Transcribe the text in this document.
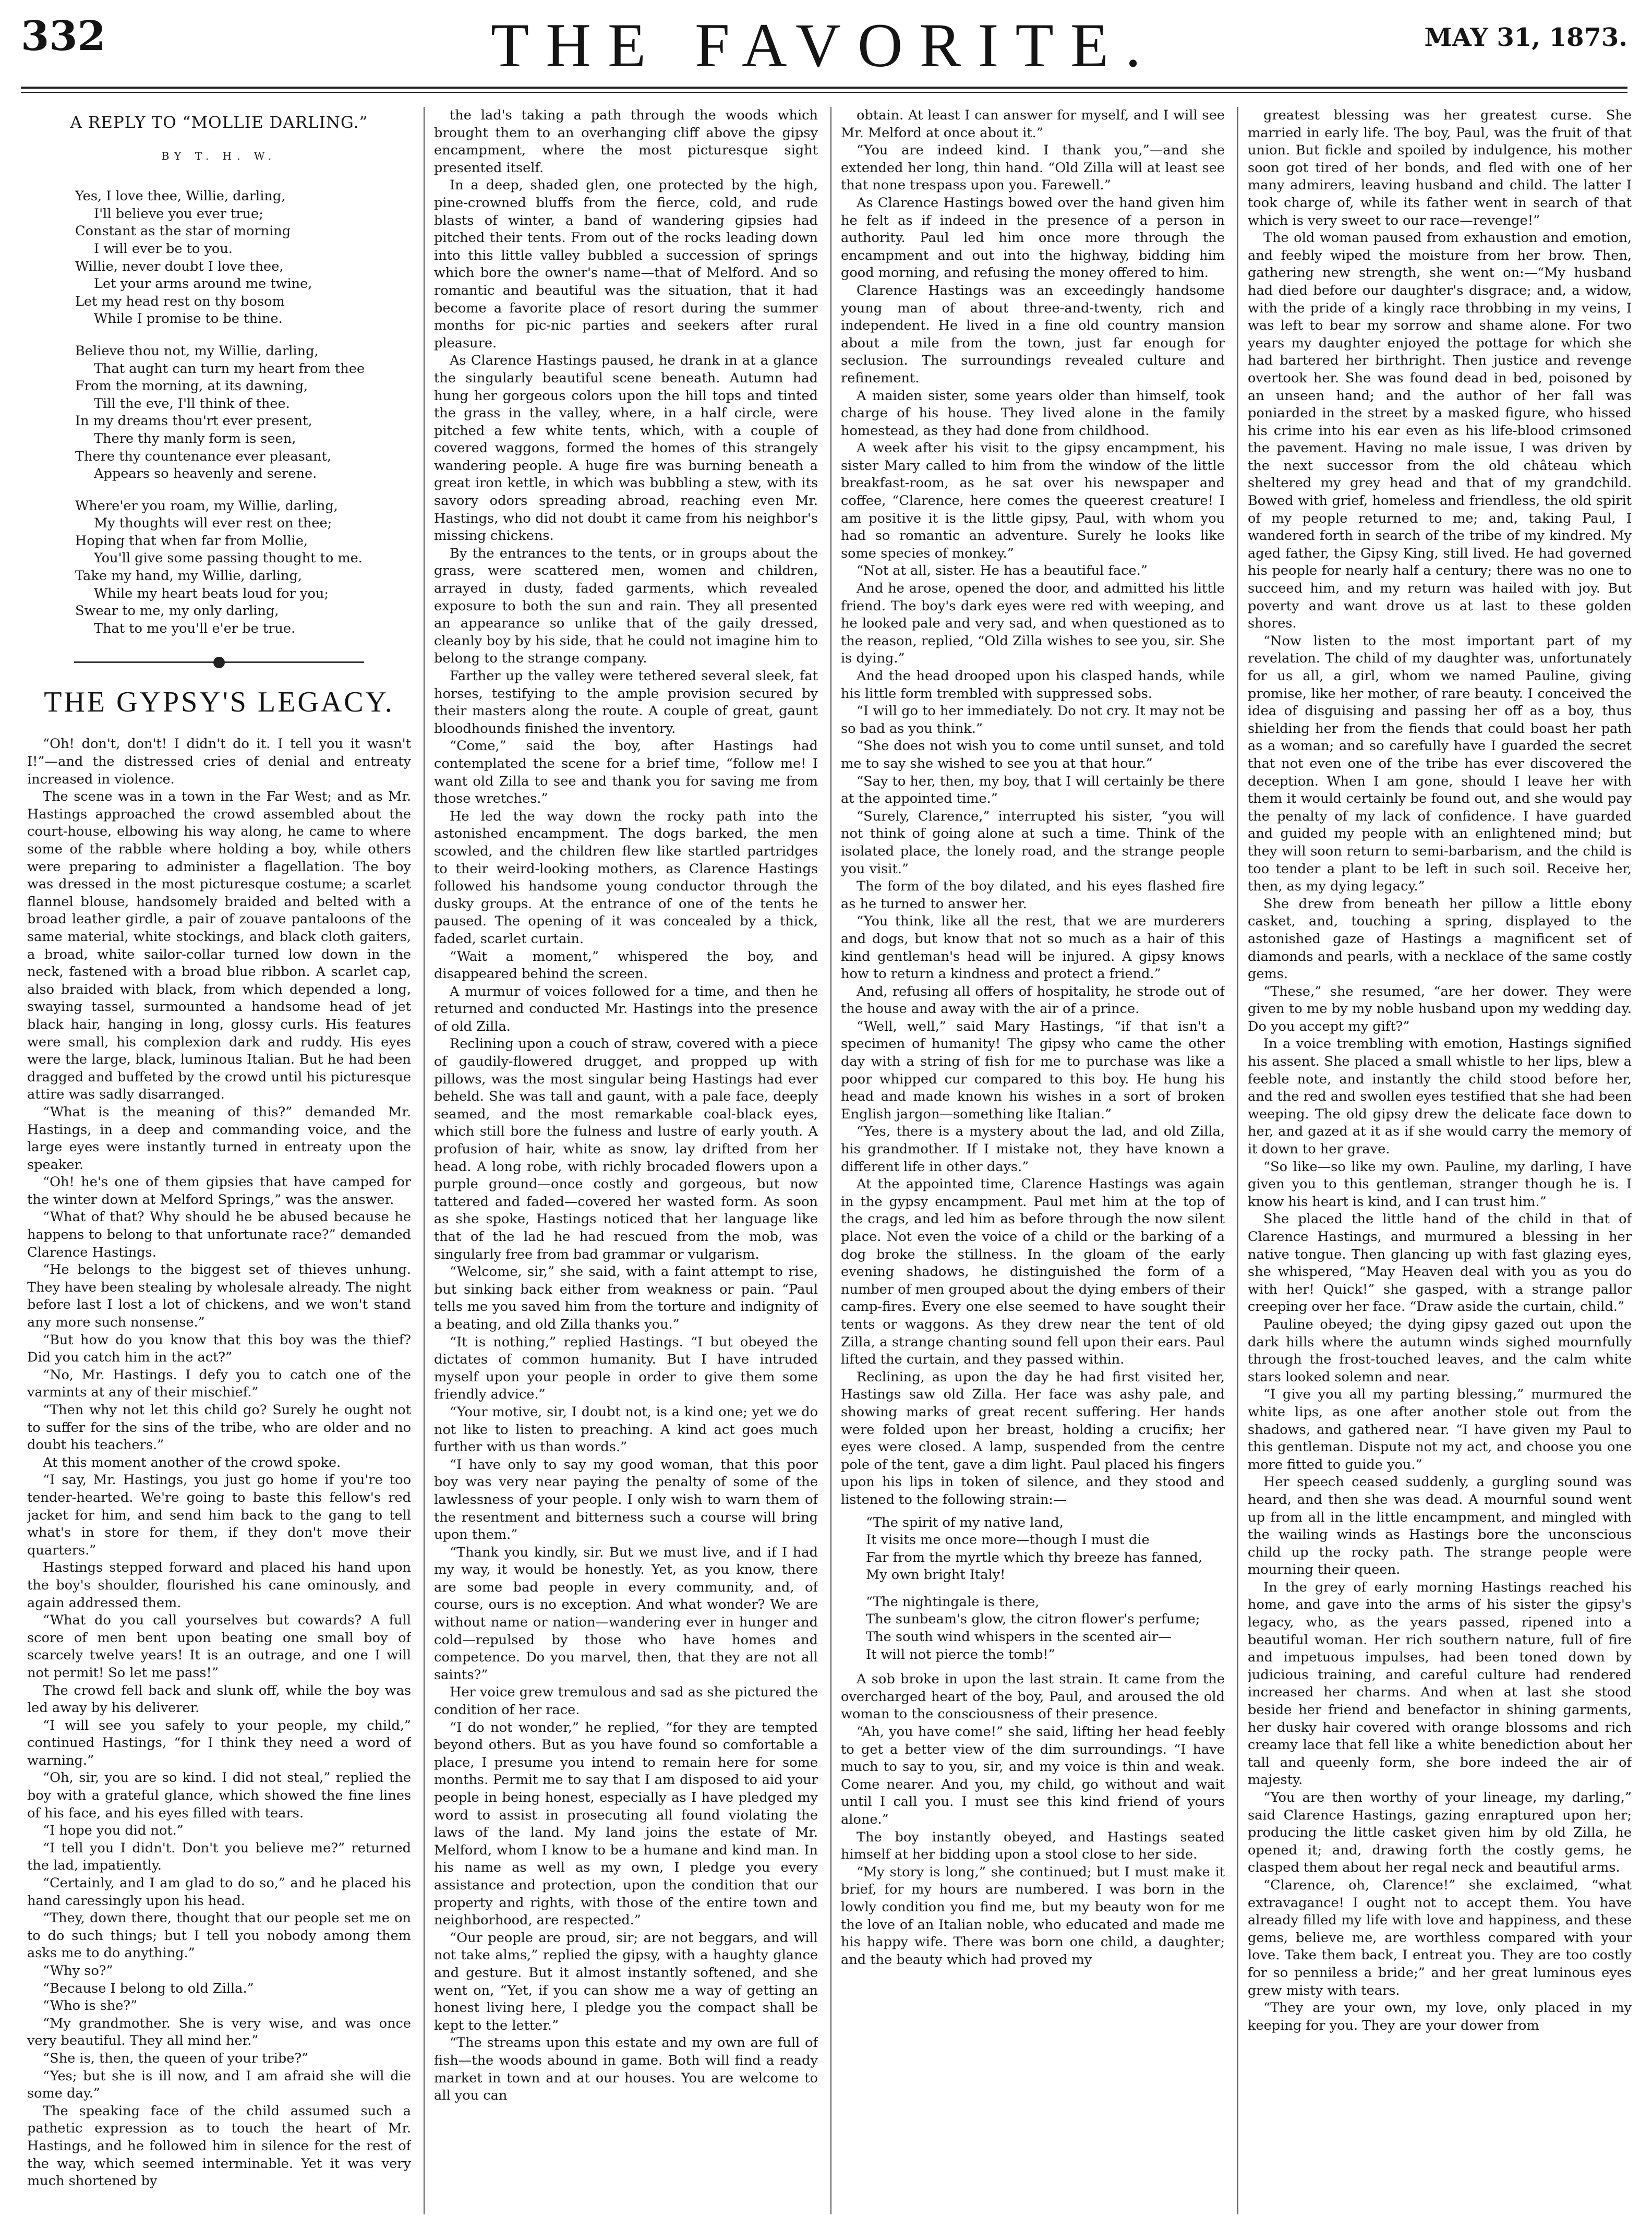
332	THE FAVORITE.	MAY 31, 1873.
A REPLY TO “MOLLIE DARLING.”
BY T. H. W.
Yes, I love thee, Willie, darling,
I'll believe you ever true;
Constant as the star of morning
I will ever be to you.
Willie, never doubt I love thee,
Let your arms around me twine,
Let my head rest on thy bosom
While I promise to be thine.
Believe thou not, my Willie, darling,
That aught can turn my heart from thee
From the morning, at its dawning,
Till the eve, I'll think of thee.
In my dreams thou'rt ever present,
There thy manly form is seen,
There thy countenance ever pleasant,
Appears so heavenly and serene.
Where'er you roam, my Willie, darling,
My thoughts will ever rest on thee;
Hoping that when far from Mollie,
You'll give some passing thought to me.
Take my hand, my Willie, darling,
While my heart beats loud for you;
Swear to me, my only darling,
That to me you'll e'er be true.
THE GYPSY'S LEGACY.

“Oh! don't, don't! I didn't do it. I tell you it wasn't I!”—and the distressed cries of denial and entreaty increased in violence.

The scene was in a town in the Far West; and as Mr. Hastings approached the crowd assembled about the court-house, elbowing his way along, he came to where some of the rabble where holding a boy, while others were preparing to administer a flagellation. The boy was dressed in the most picturesque costume; a scarlet flannel blouse, handsomely braided and belted with a broad leather girdle, a pair of zouave pantaloons of the same material, white stockings, and black cloth gaiters, a broad, white sailor-collar turned low down in the neck, fastened with a broad blue ribbon. A scarlet cap, also braided with black, from which depended a long, swaying tassel, surmounted a handsome head of jet black hair, hanging in long, glossy curls. His features were small, his complexion dark and ruddy. His eyes were the large, black, luminous Italian. But he had been dragged and buffeted by the crowd until his picturesque attire was sadly disarranged.

“What is the meaning of this?” demanded Mr. Hastings, in a deep and commanding voice, and the large eyes were instantly turned in entreaty upon the speaker.

“Oh! he's one of them gipsies that have camped for the winter down at Melford Springs,” was the answer.

“What of that? Why should he be abused because he happens to belong to that unfortunate race?” demanded Clarence Hastings.

“He belongs to the biggest set of thieves unhung. They have been stealing by wholesale already. The night before last I lost a lot of chickens, and we won't stand any more such nonsense.”

“But how do you know that this boy was the thief? Did you catch him in the act?”

“No, Mr. Hastings. I defy you to catch one of the varmints at any of their mischief.”

“Then why not let this child go? Surely he ought not to suffer for the sins of the tribe, who are older and no doubt his teachers.”

At this moment another of the crowd spoke.

“I say, Mr. Hastings, you just go home if you're too tender-hearted. We're going to baste this fellow's red jacket for him, and send him back to the gang to tell what's in store for them, if they don't move their quarters.”

Hastings stepped forward and placed his hand upon the boy's shoulder, flourished his cane ominously, and again addressed them.

“What do you call yourselves but cowards? A full score of men bent upon beating one small boy of scarcely twelve years! It is an outrage, and one I will not permit! So let me pass!”

The crowd fell back and slunk off, while the boy was led away by his deliverer.

“I will see you safely to your people, my child,” continued Hastings, “for I think they need a word of warning.”

“Oh, sir, you are so kind. I did not steal,” replied the boy with a grateful glance, which showed the fine lines of his face, and his eyes filled with tears.

“I hope you did not.”

“I tell you I didn't. Don't you believe me?” returned the lad, impatiently.

“Certainly, and I am glad to do so,” and he placed his hand caressingly upon his head.

“They, down there, thought that our people set me on to do such things; but I tell you nobody among them asks me to do anything.”

“Why so?”

“Because I belong to old Zilla.”

“Who is she?”

“My grandmother. She is very wise, and was once very beautiful. They all mind her.”

“She is, then, the queen of your tribe?”

“Yes; but she is ill now, and I am afraid she will die some day.”

The speaking face of the child assumed such a pathetic expression as to touch the heart of Mr. Hastings, and he followed him in silence for the rest of the way, which seemed interminable. Yet it was very much shortened by

the lad's taking a path through the woods which brought them to an overhanging cliff above the gipsy encampment, where the most picturesque sight presented itself.

In a deep, shaded glen, one protected by the high, pine-crowned bluffs from the fierce, cold, and rude blasts of winter, a band of wandering gipsies had pitched their tents. From out of the rocks leading down into this little valley bubbled a succession of springs which bore the owner's name—that of Melford. And so romantic and beautiful was the situation, that it had become a favorite place of resort during the summer months for pic-nic parties and seekers after rural pleasure.

As Clarence Hastings paused, he drank in at a glance the singularly beautiful scene beneath. Autumn had hung her gorgeous colors upon the hill tops and tinted the grass in the valley, where, in a half circle, were pitched a few white tents, which, with a couple of covered waggons, formed the homes of this strangely wandering people. A huge fire was burning beneath a great iron kettle, in which was bubbling a stew, with its savory odors spreading abroad, reaching even Mr. Hastings, who did not doubt it came from his neighbor's missing chickens.

By the entrances to the tents, or in groups about the grass, were scattered men, women and children, arrayed in dusty, faded garments, which revealed exposure to both the sun and rain. They all presented an appearance so unlike that of the gaily dressed, cleanly boy by his side, that he could not imagine him to belong to the strange company.

Farther up the valley were tethered several sleek, fat horses, testifying to the ample provision secured by their masters along the route. A couple of great, gaunt bloodhounds finished the inventory.

“Come,” said the boy, after Hastings had contemplated the scene for a brief time, “follow me! I want old Zilla to see and thank you for saving me from those wretches.”

He led the way down the rocky path into the astonished encampment. The dogs barked, the men scowled, and the children flew like startled partridges to their weird-looking mothers, as Clarence Hastings followed his handsome young conductor through the dusky groups. At the entrance of one of the tents he paused. The opening of it was concealed by a thick, faded, scarlet curtain.

“Wait a moment,” whispered the boy, and disappeared behind the screen.

A murmur of voices followed for a time, and then he returned and conducted Mr. Hastings into the presence of old Zilla.

Reclining upon a couch of straw, covered with a piece of gaudily-flowered drugget, and propped up with pillows, was the most singular being Hastings had ever beheld. She was tall and gaunt, with a pale face, deeply seamed, and the most remarkable coal-black eyes, which still bore the fulness and lustre of early youth. A profusion of hair, white as snow, lay drifted from her head. A long robe, with richly brocaded flowers upon a purple ground—once costly and gorgeous, but now tattered and faded—covered her wasted form. As soon as she spoke, Hastings noticed that her language like that of the lad he had rescued from the mob, was singularly free from bad grammar or vulgarism.

“Welcome, sir,” she said, with a faint attempt to rise, but sinking back either from weakness or pain. “Paul tells me you saved him from the torture and indignity of a beating, and old Zilla thanks you.”

“It is nothing,” replied Hastings. “I but obeyed the dictates of common humanity. But I have intruded myself upon your people in order to give them some friendly advice.”

“Your motive, sir, I doubt not, is a kind one; yet we do not like to listen to preaching. A kind act goes much further with us than words.”

“I have only to say my good woman, that this poor boy was very near paying the penalty of some of the lawlessness of your people. I only wish to warn them of the resentment and bitterness such a course will bring upon them.”

“Thank you kindly, sir. But we must live, and if I had my way, it would be honestly. Yet, as you know, there are some bad people in every community, and, of course, ours is no exception. And what wonder? We are without name or nation—wandering ever in hunger and cold—repulsed by those who have homes and competence. Do you marvel, then, that they are not all saints?”

Her voice grew tremulous and sad as she pictured the condition of her race.

“I do not wonder,” he replied, “for they are tempted beyond others. But as you have found so comfortable a place, I presume you intend to remain here for some months. Permit me to say that I am disposed to aid your people in being honest, especially as I have pledged my word to assist in prosecuting all found violating the laws of the land. My land joins the estate of Mr. Melford, whom I know to be a humane and kind man. In his name as well as my own, I pledge you every assistance and protection, upon the condition that our property and rights, with those of the entire town and neighborhood, are respected.”

“Our people are proud, sir; are not beggars, and will not take alms,” replied the gipsy, with a haughty glance and gesture. But it almost instantly softened, and she went on, “Yet, if you can show me a way of getting an honest living here, I pledge you the compact shall be kept to the letter.”

“The streams upon this estate and my own are full of fish—the woods abound in game. Both will find a ready market in town and at our houses. You are welcome to all you can

obtain. At least I can answer for myself, and I will see Mr. Melford at once about it.”

“You are indeed kind. I thank you,”—and she extended her long, thin hand. “Old Zilla will at least see that none trespass upon you. Farewell.”

As Clarence Hastings bowed over the hand given him he felt as if indeed in the presence of a person in authority. Paul led him once more through the encampment and out into the highway, bidding him good morning, and refusing the money offered to him.

Clarence Hastings was an exceedingly handsome young man of about three-and-twenty, rich and independent. He lived in a fine old country mansion about a mile from the town, just far enough for seclusion. The surroundings revealed culture and refinement.

A maiden sister, some years older than himself, took charge of his house. They lived alone in the family homestead, as they had done from childhood.

A week after his visit to the gipsy encampment, his sister Mary called to him from the window of the little breakfast-room, as he sat over his newspaper and coffee, “Clarence, here comes the queerest creature! I am positive it is the little gipsy, Paul, with whom you had so romantic an adventure. Surely he looks like some species of monkey.”

“Not at all, sister. He has a beautiful face.”

And he arose, opened the door, and admitted his little friend. The boy's dark eyes were red with weeping, and he looked pale and very sad, and when questioned as to the reason, replied, “Old Zilla wishes to see you, sir. She is dying.”

And the head drooped upon his clasped hands, while his little form trembled with suppressed sobs.

“I will go to her immediately. Do not cry. It may not be so bad as you think.”

“She does not wish you to come until sunset, and told me to say she wished to see you at that hour.”

“Say to her, then, my boy, that I will certainly be there at the appointed time.”

“Surely, Clarence,” interrupted his sister, “you will not think of going alone at such a time. Think of the isolated place, the lonely road, and the strange people you visit.”

The form of the boy dilated, and his eyes flashed fire as he turned to answer her.

“You think, like all the rest, that we are murderers and dogs, but know that not so much as a hair of this kind gentleman's head will be injured. A gipsy knows how to return a kindness and protect a friend.”

And, refusing all offers of hospitality, he strode out of the house and away with the air of a prince.

“Well, well,” said Mary Hastings, “if that isn't a specimen of humanity! The gipsy who came the other day with a string of fish for me to purchase was like a poor whipped cur compared to this boy. He hung his head and made known his wishes in a sort of broken English jargon—something like Italian.”

“Yes, there is a mystery about the lad, and old Zilla, his grandmother. If I mistake not, they have known a different life in other days.”

At the appointed time, Clarence Hastings was again in the gypsy encampment. Paul met him at the top of the crags, and led him as before through the now silent place. Not even the voice of a child or the barking of a dog broke the stillness. In the gloam of the early evening shadows, he distinguished the form of a number of men grouped about the dying embers of their camp-fires. Every one else seemed to have sought their tents or waggons. As they drew near the tent of old Zilla, a strange chanting sound fell upon their ears. Paul lifted the curtain, and they passed within.

Reclining, as upon the day he had first visited her, Hastings saw old Zilla. Her face was ashy pale, and showing marks of great recent suffering. Her hands were folded upon her breast, holding a crucifix; her eyes were closed. A lamp, suspended from the centre pole of the tent, gave a dim light. Paul placed his fingers upon his lips in token of silence, and they stood and listened to the following strain:—

“The spirit of my native land,
It visits me once more—though I must die
Far from the myrtle which thy breeze has fanned,
My own bright Italy!
“The nightingale is there,
The sunbeam's glow, the citron flower's perfume;
The south wind whispers in the scented air—
It will not pierce the tomb!”

A sob broke in upon the last strain. It came from the overcharged heart of the boy, Paul, and aroused the old woman to the consciousness of their presence.

“Ah, you have come!” she said, lifting her head feebly to get a better view of the dim surroundings. “I have much to say to you, sir, and my voice is thin and weak. Come nearer. And you, my child, go without and wait until I call you. I must see this kind friend of yours alone.”

The boy instantly obeyed, and Hastings seated himself at her bidding upon a stool close to her side.

“My story is long,” she continued; but I must make it brief, for my hours are numbered. I was born in the lowly condition you find me, but my beauty won for me the love of an Italian noble, who educated and made me his happy wife. There was born one child, a daughter; and the beauty which had proved my

greatest blessing was her greatest curse. She married in early life. The boy, Paul, was the fruit of that union. But fickle and spoiled by indulgence, his mother soon got tired of her bonds, and fled with one of her many admirers, leaving husband and child. The latter I took charge of, while its father went in search of that which is very sweet to our race—revenge!”

The old woman paused from exhaustion and emotion, and feebly wiped the moisture from her brow. Then, gathering new strength, she went on:—“My husband had died before our daughter's disgrace; and, a widow, with the pride of a kingly race throbbing in my veins, I was left to bear my sorrow and shame alone. For two years my daughter enjoyed the pottage for which she had bartered her birthright. Then justice and revenge overtook her. She was found dead in bed, poisoned by an unseen hand; and the author of her fall was poniarded in the street by a masked figure, who hissed his crime into his ear even as his life-blood crimsoned the pavement. Having no male issue, I was driven by the next successor from the old château which sheltered my grey head and that of my grandchild. Bowed with grief, homeless and friendless, the old spirit of my people returned to me; and, taking Paul, I wandered forth in search of the tribe of my kindred. My aged father, the Gipsy King, still lived. He had governed his people for nearly half a century; there was no one to succeed him, and my return was hailed with joy. But poverty and want drove us at last to these golden shores.

“Now listen to the most important part of my revelation. The child of my daughter was, unfortunately for us all, a girl, whom we named Pauline, giving promise, like her mother, of rare beauty. I conceived the idea of disguising and passing her off as a boy, thus shielding her from the fiends that could boast her path as a woman; and so carefully have I guarded the secret that not even one of the tribe has ever discovered the deception. When I am gone, should I leave her with them it would certainly be found out, and she would pay the penalty of my lack of confidence. I have guarded and guided my people with an enlightened mind; but they will soon return to semi-barbarism, and the child is too tender a plant to be left in such soil. Receive her, then, as my dying legacy.”

She drew from beneath her pillow a little ebony casket, and, touching a spring, displayed to the astonished gaze of Hastings a magnificent set of diamonds and pearls, with a necklace of the same costly gems.

“These,” she resumed, “are her dower. They were given to me by my noble husband upon my wedding day. Do you accept my gift?”

In a voice trembling with emotion, Hastings signified his assent. She placed a small whistle to her lips, blew a feeble note, and instantly the child stood before her, and the red and swollen eyes testified that she had been weeping. The old gipsy drew the delicate face down to her, and gazed at it as if she would carry the memory of it down to her grave.

“So like—so like my own. Pauline, my darling, I have given you to this gentleman, stranger though he is. I know his heart is kind, and I can trust him.”

She placed the little hand of the child in that of Clarence Hastings, and murmured a blessing in her native tongue. Then glancing up with fast glazing eyes, she whispered, “May Heaven deal with you as you do with her! Quick!” she gasped, with a strange pallor creeping over her face. “Draw aside the curtain, child.”

Pauline obeyed; the dying gipsy gazed out upon the dark hills where the autumn winds sighed mournfully through the frost-touched leaves, and the calm white stars looked solemn and near.

“I give you all my parting blessing,” murmured the white lips, as one after another stole out from the shadows, and gathered near. “I have given my Paul to this gentleman. Dispute not my act, and choose you one more fitted to guide you.”

Her speech ceased suddenly, a gurgling sound was heard, and then she was dead. A mournful sound went up from all in the little encampment, and mingled with the wailing winds as Hastings bore the unconscious child up the rocky path. The strange people were mourning their queen.

In the grey of early morning Hastings reached his home, and gave into the arms of his sister the gipsy's legacy, who, as the years passed, ripened into a beautiful woman. Her rich southern nature, full of fire and impetuous impulses, had been toned down by judicious training, and careful culture had rendered increased her charms. And when at last she stood beside her friend and benefactor in shining garments, her dusky hair covered with orange blossoms and rich creamy lace that fell like a white benediction about her tall and queenly form, she bore indeed the air of majesty.

“You are then worthy of your lineage, my darling,” said Clarence Hastings, gazing enraptured upon her; producing the little casket given him by old Zilla, he opened it; and, drawing forth the costly gems, he clasped them about her regal neck and beautiful arms.

“Clarence, oh, Clarence!” she exclaimed, “what extravagance! I ought not to accept them. You have already filled my life with love and happiness, and these gems, believe me, are worthless compared with your love. Take them back, I entreat you. They are too costly for so penniless a bride;” and her great luminous eyes grew misty with tears.

“They are your own, my love, only placed in my keeping for you. They are your dower from
